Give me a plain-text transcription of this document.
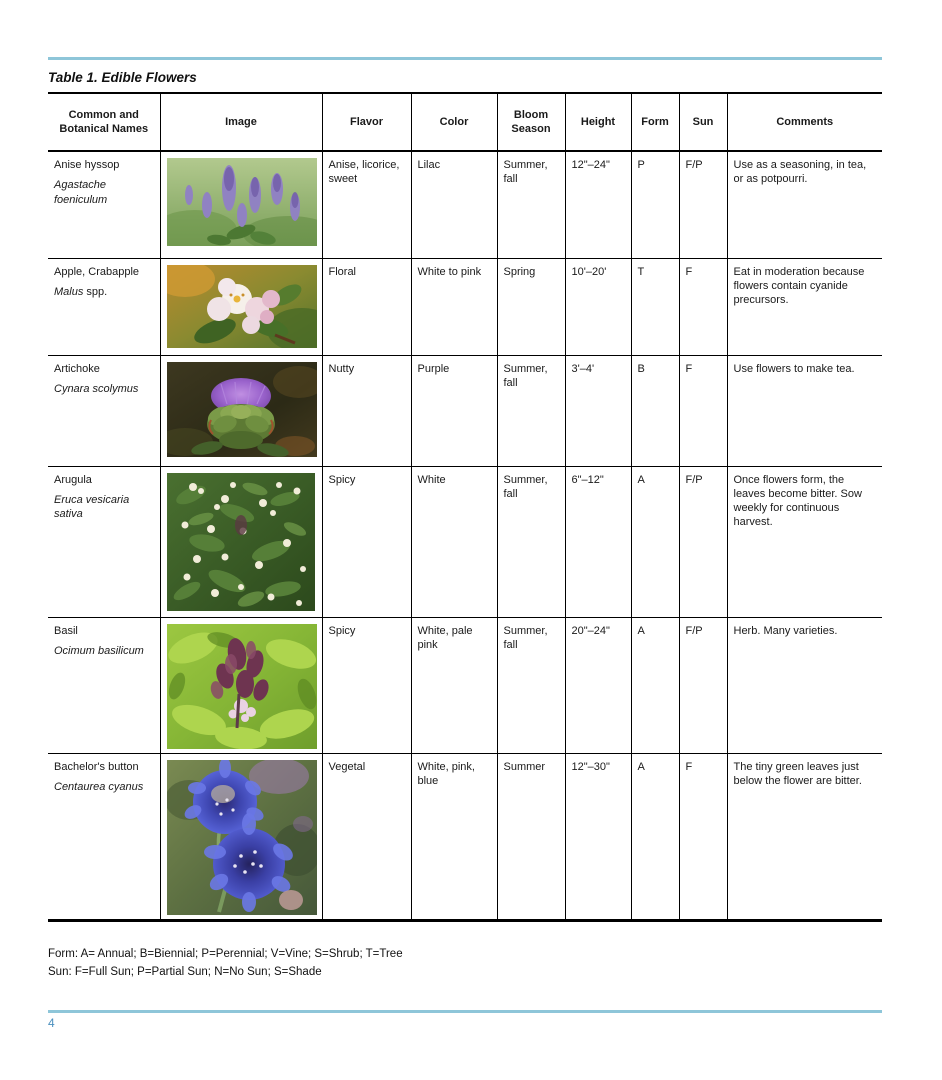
Table 1. Edible Flowers
Common and Botanical Names	Image	Flavor	Color	Bloom Season	Height	Form	Sun	Comments

Anise hyssop
Agastache foeniculum		Anise, licorice, sweet	Lilac	Summer, fall	12"–24"	P	F/P	Use as a seasoning, in tea, or as potpourri.

Apple, Crabapple
Malus spp.		Floral	White to pink	Spring	10'–20'	T	F	Eat in moderation because flowers contain cyanide precursors.

Artichoke
Cynara scolymus		Nutty	Purple	Summer, fall	3'–4'	B	F	Use flowers to make tea.

Arugula
Eruca vesicaria sativa		Spicy	White	Summer, fall	6"–12"	A	F/P	Once flowers form, the leaves become bitter. Sow weekly for continuous harvest.

Basil
Ocimum basilicum		Spicy	White, pale pink	Summer, fall	20"–24"	A	F/P	Herb. Many varieties.

Bachelor's button
Centaurea cyanus		Vegetal	White, pink, blue	Summer	12"–30"	A	F	The tiny green leaves just below the flower are bitter.
Form: A= Annual; B=Biennial; P=Perennial; V=Vine; S=Shrub; T=Tree
Sun: F=Full Sun; P=Partial Sun; N=No Sun; S=Shade
4
